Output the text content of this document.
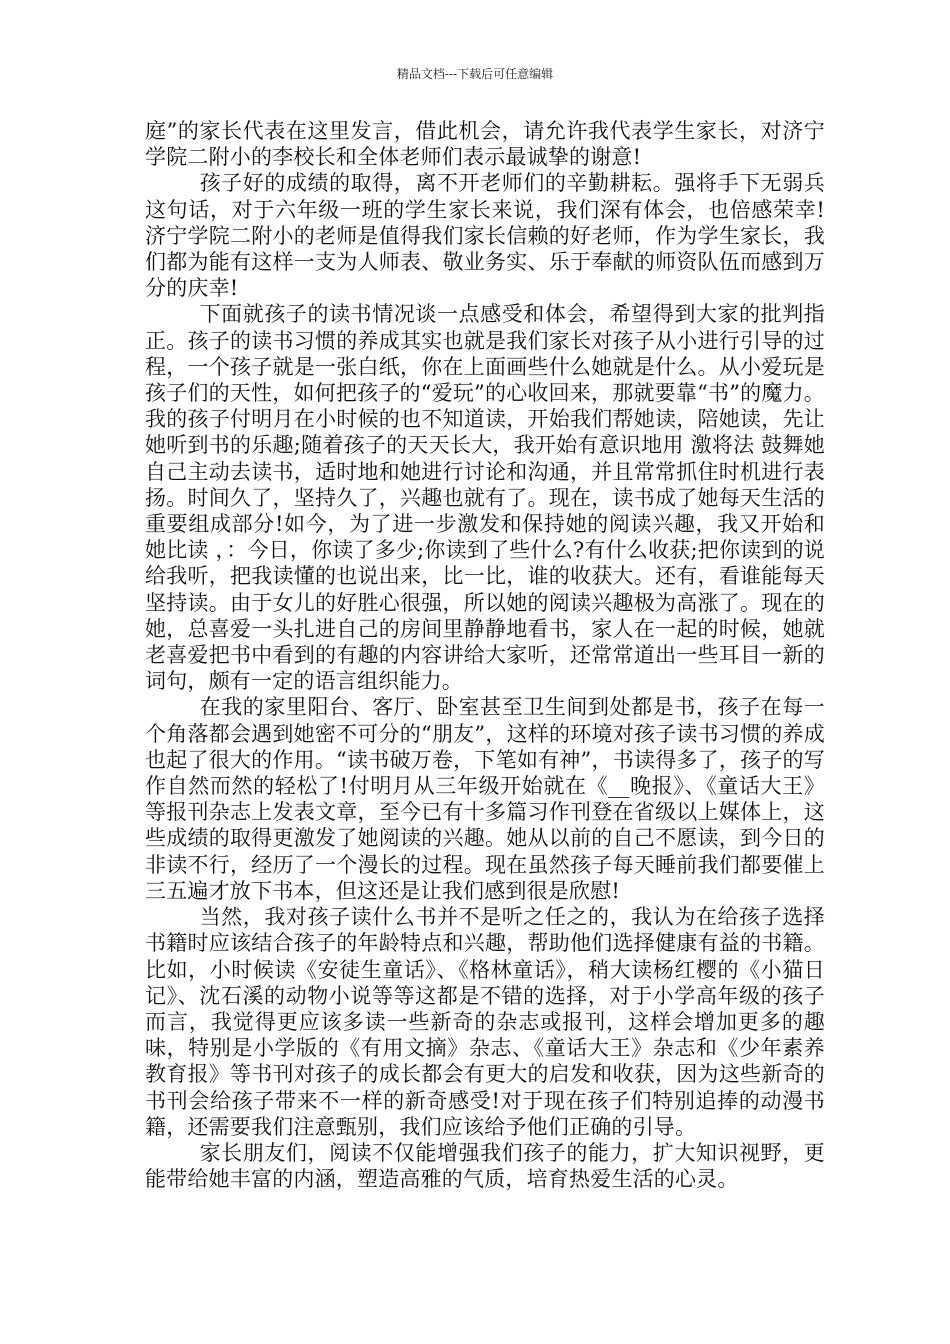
精品文档---下载后可任意编辑

庭”的家长代表在这里发言，借此机会，请允许我代表学生家长，对济宁学院二附小的李校长和全体老师们表示最诚挚的谢意!

孩子好的成绩的取得，离不开老师们的辛勤耕耘。强将手下无弱兵这句话，对于六年级一班的学生家长来说，我们深有体会，也倍感荣幸!济宁学院二附小的老师是值得我们家长信赖的好老师，作为学生家长，我们都为能有这样一支为人师表、敬业务实、乐于奉献的师资队伍而感到万分的庆幸!

下面就孩子的读书情况谈一点感受和体会，希望得到大家的批判指正。孩子的读书习惯的养成其实也就是我们家长对孩子从小进行引导的过程，一个孩子就是一张白纸，你在上面画些什么她就是什么。从小爱玩是孩子们的天性，如何把孩子的“爱玩”的心收回来，那就要靠“书”的魔力。我的孩子付明月在小时候的也不知道读，开始我们帮她读，陪她读，先让她听到书的乐趣;随着孩子的天天长大，我开始有意识地用 激将法 鼓舞她自己主动去读书，适时地和她进行讨论和沟通，并且常常抓住时机进行表扬。时间久了，坚持久了，兴趣也就有了。现在，读书成了她每天生活的重要组成部分!如今，为了进一步激发和保持她的阅读兴趣，我又开始和她比读 ，：今日，你读了多少;你读到了些什么?有什么收获;把你读到的说给我听，把我读懂的也说出来，比一比，谁的收获大。还有，看谁能每天坚持读。由于女儿的好胜心很强，所以她的阅读兴趣极为高涨了。现在的她，总喜爱一头扎进自己的房间里静静地看书，家人在一起的时候，她就老喜爱把书中看到的有趣的内容讲给大家听，还常常道出一些耳目一新的 词句，颇有一定的语言组织能力。

在我的家里阳台、客厅、卧室甚至卫生间到处都是书，孩子在每一个角落都会遇到她密不可分的“朋友”，这样的环境对孩子读书习惯的养成也起了很大的作用。“读书破万卷，下笔如有神”，书读得多了，孩子的写作自然而然的轻松了!付明月从三年级开始就在《__晚报》、《童话大王》等报刊杂志上发表文章，至今已有十多篇习作刊登在省级以上媒体上，这些成绩的取得更激发了她阅读的兴趣。她从以前的自己不愿读，到今日的非读不行，经历了一个漫长的过程。现在虽然孩子每天睡前我们都要催上三五遍才放下书本，但这还是让我们感到很是欣慰!

当然，我对孩子读什么书并不是听之任之的，我认为在给孩子选择书籍时应该结合孩子的年龄特点和兴趣，帮助他们选择健康有益的书籍。比如，小时候读《安徒生童话》、《格林童话》，稍大读杨红樱的《小猫日记》、沈石溪的动物小说等等这都是不错的选择，对于小学高年级的孩子而言，我觉得更应该多读一些新奇的杂志或报刊，这样会增加更多的趣味，特别是小学版的《有用文摘》杂志、《童话大王》杂志和《少年素养教育报》等书刊对孩子的成长都会有更大的启发和收获，因为这些新奇的书刊会给孩子带来不一样的新奇感受!对于现在孩子们特别追捧的动漫书籍，还需要我们注意甄别，我们应该给予他们正确的引导。

家长朋友们，阅读不仅能增强我们孩子的能力，扩大知识视野，更能带给她丰富的内涵，塑造高雅的气质，培育热爱生活的心灵。
